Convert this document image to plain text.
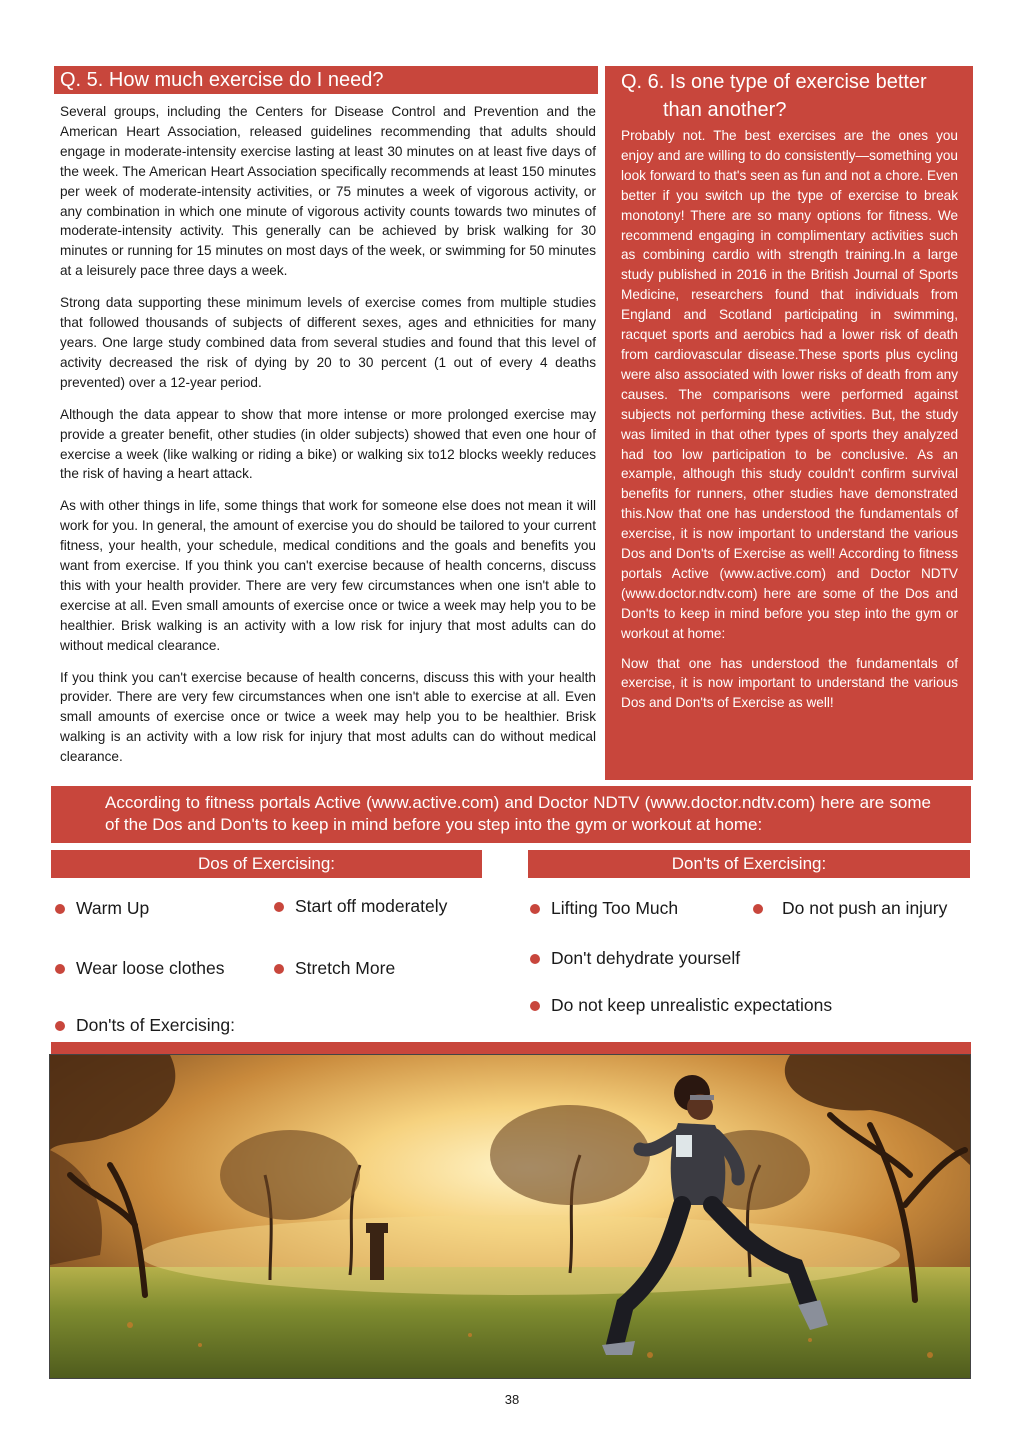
Q. 5. How much exercise do I need?

Several groups, including the Centers for Disease Control and Prevention and the American Heart Association, released guidelines recommending that adults should engage in moderate-intensity exercise lasting at least 30 minutes on at least five days of the week. The American Heart Association specifically recommends at least 150 minutes per week of moderate-intensity activities, or 75 minutes a week of vigorous activity, or any combination in which one minute of vigorous activity counts towards two minutes of moderate-intensity activity. This generally can be achieved by brisk walking for 30 minutes or running for 15 minutes on most days of the week, or swimming for 50 minutes at a leisurely pace three days a week.

Strong data supporting these minimum levels of exercise comes from multiple studies that followed thousands of subjects of different sexes, ages and ethnicities for many years. One large study combined data from several studies and found that this level of activity decreased the risk of dying by 20 to 30 percent (1 out of every 4 deaths prevented) over a 12-year period.

Although the data appear to show that more intense or more prolonged exercise may provide a greater benefit, other studies (in older subjects) showed that even one hour of exercise a week (like walking or riding a bike) or walking six to12 blocks weekly reduces the risk of having a heart attack.

As with other things in life, some things that work for someone else does not mean it will work for you. In general, the amount of exercise you do should be tailored to your current fitness, your health, your schedule, medical conditions and the goals and benefits you want from exercise. If you think you can't exercise because of health concerns, discuss this with your health provider. There are very few circumstances when one isn't able to exercise at all. Even small amounts of exercise once or twice a week may help you to be healthier. Brisk walking is an activity with a low risk for injury that most adults can do without medical clearance.

If you think you can't exercise because of health concerns, discuss this with your health provider. There are very few circumstances when one isn't able to exercise at all. Even small amounts of exercise once or twice a week may help you to be healthier. Brisk walking is an activity with a low risk for injury that most adults can do without medical clearance.

Q. 6. Is one type of exercise better
than another?

Probably not. The best exercises are the ones you enjoy and are willing to do consistently—something you look forward to that's seen as fun and not a chore. Even better if you switch up the type of exercise to break monotony! There are so many options for fitness. We recommend engaging in complimentary activities such as combining cardio with strength training.In a large study published in 2016 in the British Journal of Sports Medicine, researchers found that individuals from England and Scotland participating in swimming, racquet sports and aerobics had a lower risk of death from cardiovascular disease.These sports plus cycling were also associated with lower risks of death from any causes. The comparisons were performed against subjects not performing these activities. But, the study was limited in that other types of sports they analyzed had too low participation to be conclusive. As an example, although this study couldn't confirm survival benefits for runners, other studies have demonstrated this.Now that one has understood the fundamentals of exercise, it is now important to understand the various Dos and Don'ts of Exercise as well! According to fitness portals Active (www.active.com) and Doctor NDTV (www.doctor.ndtv.com) here are some of the Dos and Don'ts to keep in mind before you step into the gym or workout at home:

Now that one has understood the fundamentals of exercise, it is now important to understand the various Dos and Don'ts of Exercise as well!

According to fitness portals Active (www.active.com) and Doctor NDTV (www.doctor.ndtv.com) here are some of the Dos and Don'ts to keep in mind before you step into the gym or workout at home:
Dos of Exercising:	Don'ts of Exercising:
Warm Up	Start off moderately
Wear loose clothes	Stretch More
Don'ts of Exercising:
Lifting Too Much	Do not push an injury
Don't dehydrate yourself
Do not keep unrealistic expectations
38
